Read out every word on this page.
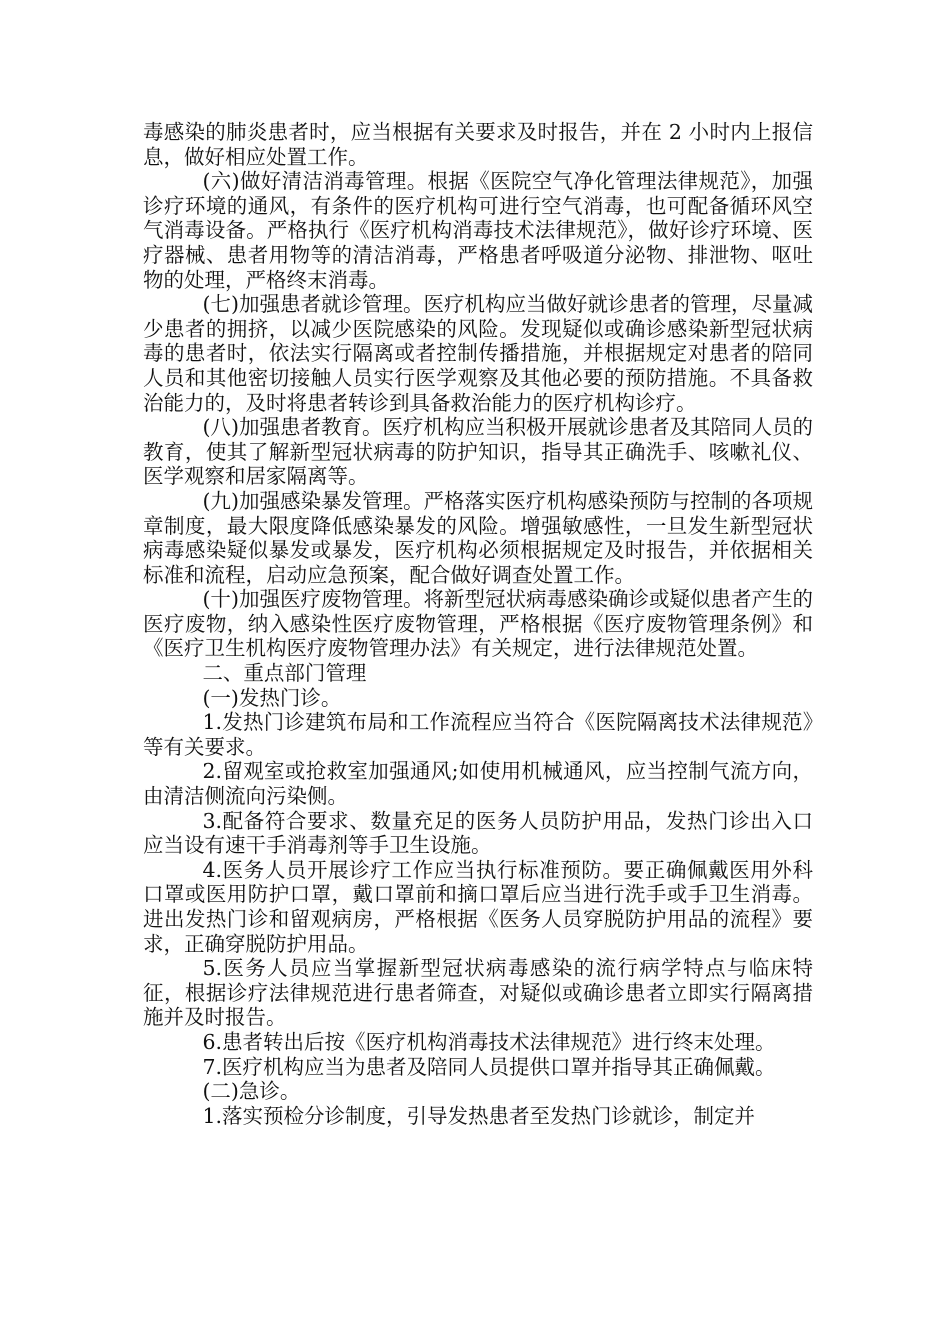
毒感染的肺炎患者时，应当根据有关要求及时报告，并在 2 小时内上报信息，做好相应处置工作。

(六)做好清洁消毒管理。根据《医院空气净化管理法律规范》，加强诊疗环境的通风，有条件的医疗机构可进行空气消毒，也可配备循环风空气消毒设备。严格执行《医疗机构消毒技术法律规范》，做好诊疗环境、医疗器械、患者用物等的清洁消毒，严格患者呼吸道分泌物、排泄物、呕吐物的处理，严格终末消毒。

(七)加强患者就诊管理。医疗机构应当做好就诊患者的管理，尽量减少患者的拥挤，以减少医院感染的风险。发现疑似或确诊感染新型冠状病毒的患者时，依法实行隔离或者控制传播措施，并根据规定对患者的陪同人员和其他密切接触人员实行医学观察及其他必要的预防措施。不具备救治能力的，及时将患者转诊到具备救治能力的医疗机构诊疗。

(八)加强患者教育。医疗机构应当积极开展就诊患者及其陪同人员的教育，使其了解新型冠状病毒的防护知识，指导其正确洗手、咳嗽礼仪、医学观察和居家隔离等。

(九)加强感染暴发管理。严格落实医疗机构感染预防与控制的各项规章制度，最大限度降低感染暴发的风险。增强敏感性，一旦发生新型冠状病毒感染疑似暴发或暴发，医疗机构必须根据规定及时报告，并依据相关标准和流程，启动应急预案，配合做好调查处置工作。

(十)加强医疗废物管理。将新型冠状病毒感染确诊或疑似患者产生的医疗废物，纳入感染性医疗废物管理，严格根据《医疗废物管理条例》和《医疗卫生机构医疗废物管理办法》有关规定，进行法律规范处置。

二、重点部门管理

(一)发热门诊。

1.发热门诊建筑布局和工作流程应当符合《医院隔离技术法律规范》等有关要求。

2.留观室或抢救室加强通风;如使用机械通风，应当控制气流方向，由清洁侧流向污染侧。

3.配备符合要求、数量充足的医务人员防护用品，发热门诊出入口应当设有速干手消毒剂等手卫生设施。

4.医务人员开展诊疗工作应当执行标准预防。要正确佩戴医用外科口罩或医用防护口罩，戴口罩前和摘口罩后应当进行洗手或手卫生消毒。进出发热门诊和留观病房，严格根据《医务人员穿脱防护用品的流程》要求，正确穿脱防护用品。

5.医务人员应当掌握新型冠状病毒感染的流行病学特点与临床特征，根据诊疗法律规范进行患者筛查，对疑似或确诊患者立即实行隔离措施并及时报告。

6.患者转出后按《医疗机构消毒技术法律规范》进行终末处理。

7.医疗机构应当为患者及陪同人员提供口罩并指导其正确佩戴。

(二)急诊。

1.落实预检分诊制度，引导发热患者至发热门诊就诊，制定并
